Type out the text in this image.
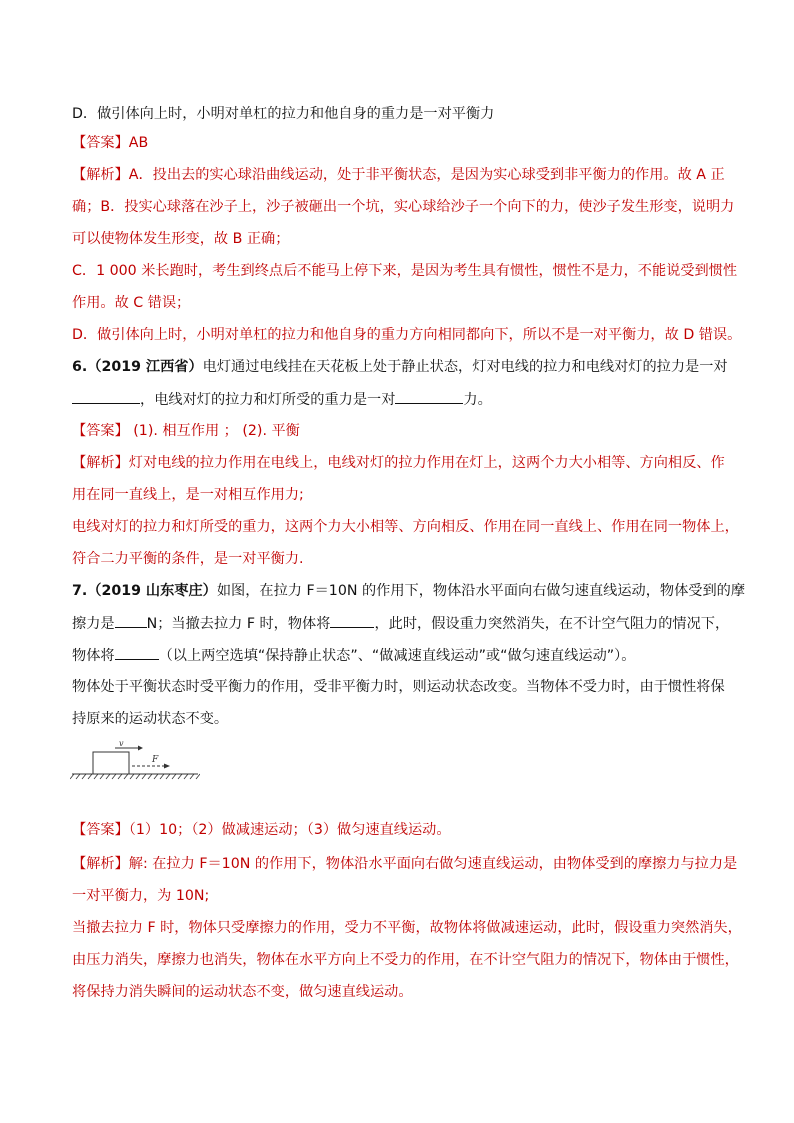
D．做引体向上时，小明对单杠的拉力和他自身的重力是一对平衡力
【答案】AB
【解析】A．投出去的实心球沿曲线运动，处于非平衡状态，是因为实心球受到非平衡力的作用。故 A 正
确；B．投实心球落在沙子上，沙子被砸出一个坑，实心球给沙子一个向下的力，使沙子发生形变，说明力
可以使物体发生形变，故 B 正确；
C．1 000 米长跑时，考生到终点后不能马上停下来，是因为考生具有惯性，惯性不是力，不能说受到惯性
作用。故 C 错误；
D．做引体向上时，小明对单杠的拉力和他自身的重力方向相同都向下，所以不是一对平衡力，故 D 错误。
6.（2019 江西省）电灯通过电线挂在天花板上处于静止状态，灯对电线的拉力和电线对灯的拉力是一对
，电线对灯的拉力和灯所受的重力是一对	力。
【答案】 (1). 相互作用 ； (2). 平衡
【解析】灯对电线的拉力作用在电线上，电线对灯的拉力作用在灯上，这两个力大小相等、方向相反、作
用在同一直线上，是一对相互作用力;
电线对灯的拉力和灯所受的重力，这两个力大小相等、方向相反、作用在同一直线上、作用在同一物体上，
符合二力平衡的条件，是一对平衡力.
7.（2019 山东枣庄）如图，在拉力 F＝10N 的作用下，物体沿水平面向右做匀速直线运动，物体受到的摩
擦力是 N；当撤去拉力 F 时，物体将	，此时，假设重力突然消失，在不计空气阻力的情况下，
物体将	（以上两空选填“保持静止状态”、“做减速直线运动”或“做匀速直线运动”）。
物体处于平衡状态时受平衡力的作用，受非平衡力时，则运动状态改变。当物体不受力时，由于惯性将保
持原来的运动状态不变。
v
F
【答案】（1）10；（2）做减速运动；（3）做匀速直线运动。
【解析】解: 在拉力 F＝10N 的作用下，物体沿水平面向右做匀速直线运动，由物体受到的摩擦力与拉力是
一对平衡力，为 10N;
当撤去拉力 F 时，物体只受摩擦力的作用，受力不平衡，故物体将做减速运动，此时，假设重力突然消失，
由压力消失，摩擦力也消失，物体在水平方向上不受力的作用，在不计空气阻力的情况下，物体由于惯性，
将保持力消失瞬间的运动状态不变，做匀速直线运动。
